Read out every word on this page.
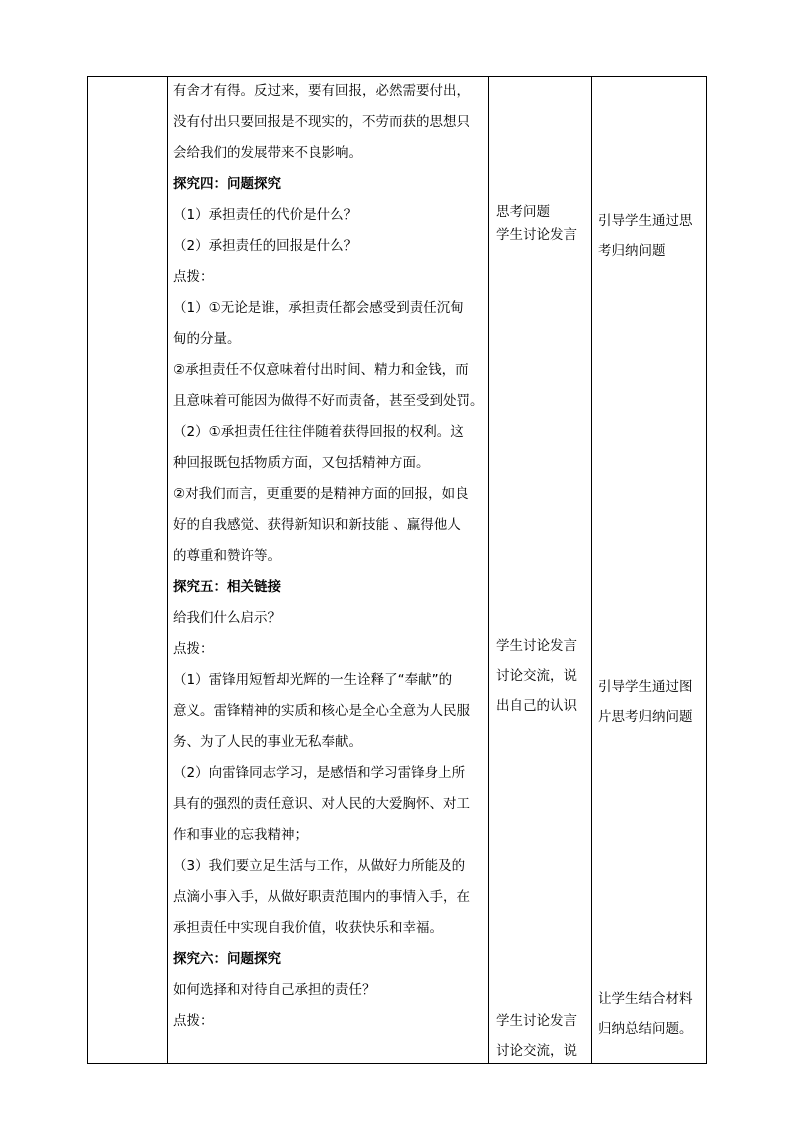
有舍才有得。反过来，要有回报，必然需要付出，
没有付出只要回报是不现实的，不劳而获的思想只
会给我们的发展带来不良影响。
探究四：问题探究
（1）承担责任的代价是什么？
（2）承担责任的回报是什么？
点拨：
（1）①无论是谁，承担责任都会感受到责任沉甸
甸的分量。
②承担责任不仅意味着付出时间、精力和金钱，而
且意味着可能因为做得不好而责备，甚至受到处罚。
（2）①承担责任往往伴随着获得回报的权利。这
种回报既包括物质方面，又包括精神方面。
②对我们而言，更重要的是精神方面的回报，如良
好的自我感觉、获得新知识和新技能 、赢得他人
的尊重和赞许等。
探究五：相关链接
给我们什么启示？
点拨：
（1）雷锋用短暂却光辉的一生诠释了“奉献”的
意义。雷锋精神的实质和核心是全心全意为人民服
务、为了人民的事业无私奉献。
（2）向雷锋同志学习，是感悟和学习雷锋身上所
具有的强烈的责任意识、对人民的大爱胸怀、对工
作和事业的忘我精神；
（3）我们要立足生活与工作，从做好力所能及的
点滴小事入手，从做好职责范围内的事情入手，在
承担责任中实现自我价值，收获快乐和幸福。
探究六：问题探究
如何选择和对待自己承担的责任？
点拨：
思考问题
学生讨论发言
学生讨论发言
讨论交流，说
出自己的认识
学生讨论发言
讨论交流，说
引导学生通过思
考归纳问题
引导学生通过图
片思考归纳问题
让学生结合材料
归纳总结问题。
